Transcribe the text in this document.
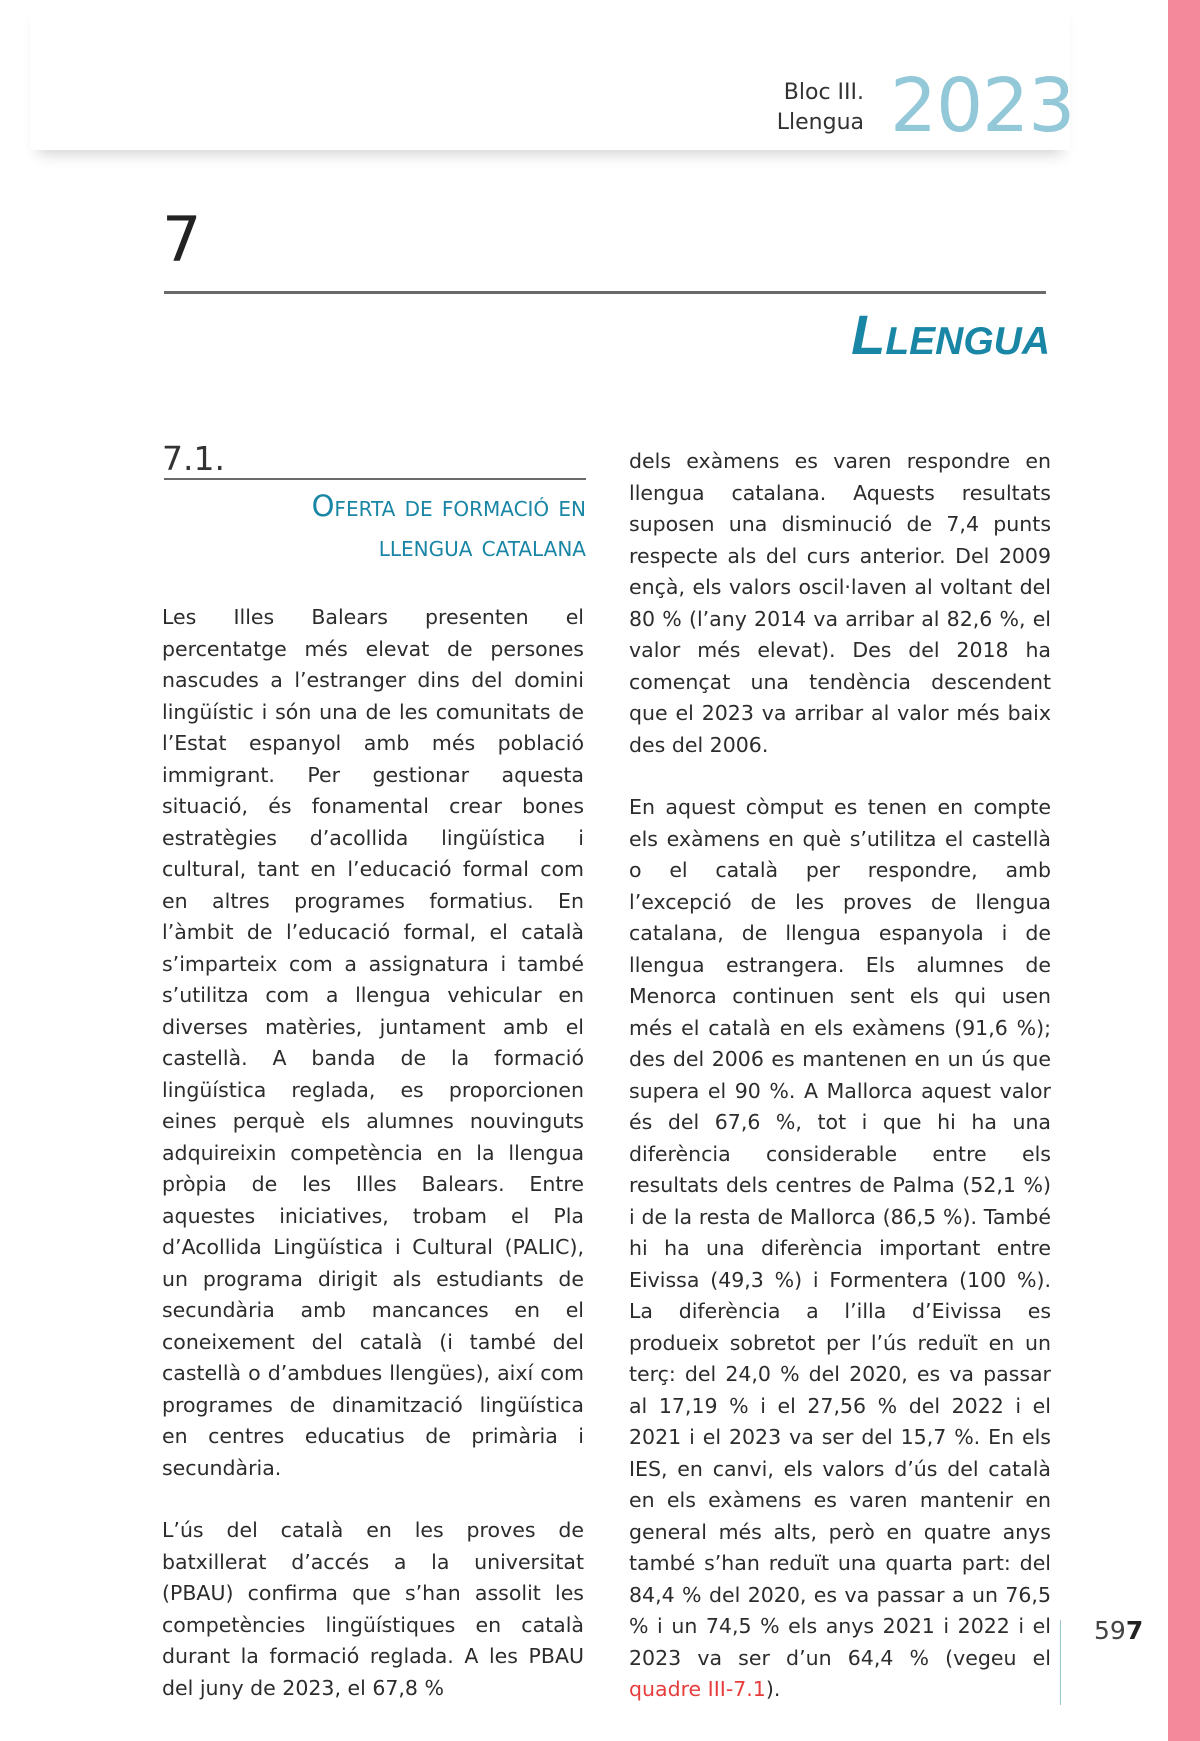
Bloc III.
Llengua 2023
7
Llengua
7.1.
Oferta de formació en
llengua catalana

Les Illes Balears presenten el percentatge més elevat de persones nascudes a l’estranger dins del domini lingüístic i són una de les comunitats de l’Estat espanyol amb més població immigrant. Per gestionar aquesta situació, és fonamental crear bones estratègies d’acollida lingüística i cultural, tant en l’educació formal com en altres programes formatius. En l’àmbit de l’educació formal, el català s’imparteix com a assignatura i també s’utilitza com a llengua vehicular en diverses matèries, juntament amb el castellà. A banda de la formació lingüística reglada, es proporcionen eines perquè els alumnes nouvinguts adquireixin competència en la llengua pròpia de les Illes Balears. Entre aquestes iniciatives, trobam el Pla d’Acollida Lingüística i Cultural (PALIC), un programa dirigit als estudiants de secundària amb mancances en el coneixement del català (i també del castellà o d’ambdues llengües), així com programes de dinamització lingüística en centres educatius de primària i secundària.

L’ús del català en les proves de batxillerat d’accés a la universitat (PBAU) confirma que s’han assolit les competències lingüístiques en català durant la formació reglada. A les PBAU del juny de 2023, el 67,8 %

dels exàmens es varen respondre en llengua catalana. Aquests resultats suposen una disminució de 7,4 punts respecte als del curs anterior. Del 2009 ençà, els valors oscil·laven al voltant del 80 % (l’any 2014 va arribar al 82,6 %, el valor més elevat). Des del 2018 ha començat una tendència descendent que el 2023 va arribar al valor més baix des del 2006.

En aquest còmput es tenen en compte els exàmens en què s’utilitza el castellà o el català per respondre, amb l’excepció de les proves de llengua catalana, de llengua espanyola i de llengua estrangera. Els alumnes de Menorca continuen sent els qui usen més el català en els exàmens (91,6 %); des del 2006 es mantenen en un ús que supera el 90 %. A Mallorca aquest valor és del 67,6 %, tot i que hi ha una diferència considerable entre els resultats dels centres de Palma (52,1 %) i de la resta de Mallorca (86,5 %). També hi ha una diferència important entre Eivissa (49,3 %) i Formentera (100 %). La diferència a l’illa d’Eivissa es produeix sobretot per l’ús reduït en un terç: del 24,0 % del 2020, es va passar al 17,19 % i el 27,56 % del 2022 i el 2021 i el 2023 va ser del 15,7 %. En els IES, en canvi, els valors d’ús del català en els exàmens es varen mantenir en general més alts, però en quatre anys també s’han reduït una quarta part: del 84,4 % del 2020, es va passar a un 76,5 % i un 74,5 % els anys 2021 i 2022 i el 2023 va ser d’un 64,4 % (vegeu el quadre III-7.1).

597
